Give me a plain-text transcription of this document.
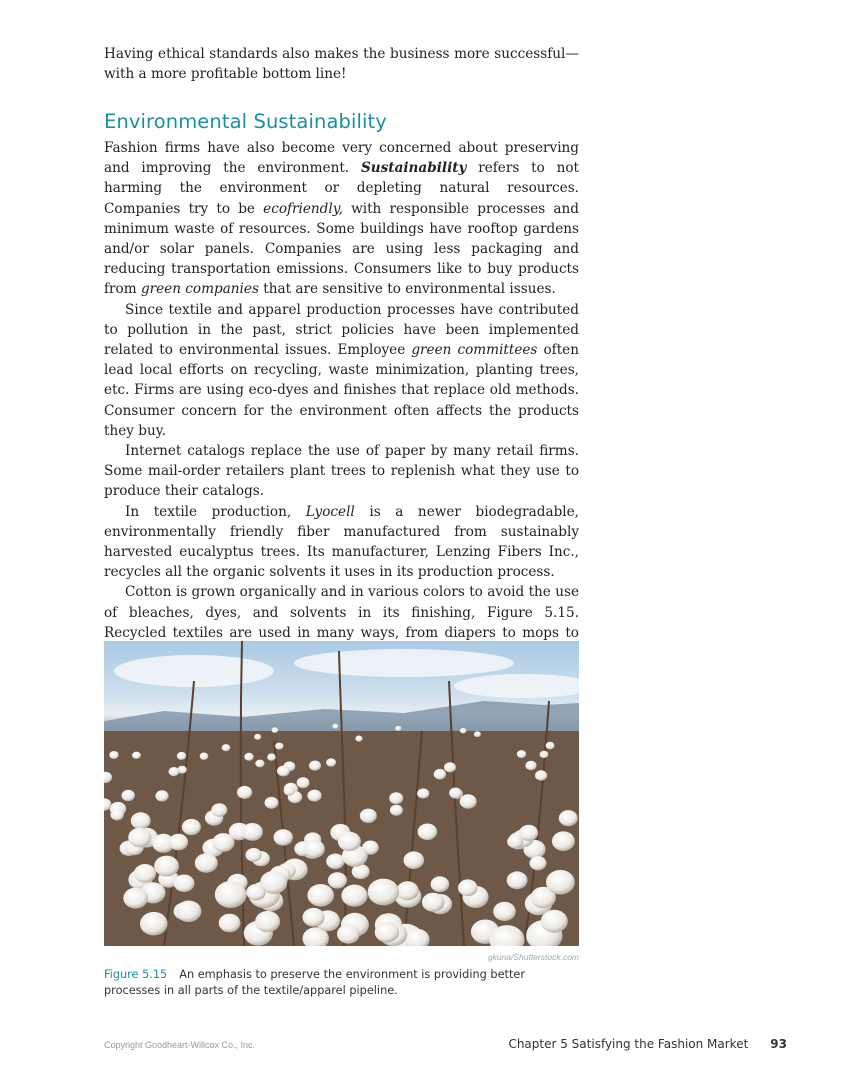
Having ethical standards also makes the business more successful—with a more profitable bottom line!

Environmental Sustainability

Fashion firms have also become very concerned about preserving and improving the environment. Sustainability refers to not harming the environment or depleting natural resources. Companies try to be ecofriendly, with responsible processes and minimum waste of resources. Some buildings have rooftop gardens and/or solar panels. Companies are using less packaging and reducing transportation emissions. Consumers like to buy products from green companies that are sensitive to environmental issues.

Since textile and apparel production processes have contributed to pollution in the past, strict policies have been implemented related to environmental issues. Employee green committees often lead local efforts on recycling, waste minimization, planting trees, etc. Firms are using eco-dyes and finishes that replace old methods. Consumer concern for the environment often affects the products they buy.

Internet catalogs replace the use of paper by many retail firms. Some mail-order retailers plant trees to replenish what they use to produce their catalogs.

In textile production, Lyocell is a newer biodegradable, environmentally friendly fiber manufactured from sustainably harvested eucalyptus trees. Its manufacturer, Lenzing Fibers Inc., recycles all the organic solvents it uses in its production process.

Cotton is grown organically and in various colors to avoid the use of bleaches, dyes, and solvents in its finishing, Figure 5.15. Recycled textiles are used in many ways, from diapers to mops to

gkuna/Shutterstock.com

Figure 5.15 An emphasis to preserve the environment is providing better processes in all parts of the textile/apparel pipeline.

Copyright Goodheart-Willcox Co., Inc.	Chapter 5 Satisfying the Fashion Market 93
